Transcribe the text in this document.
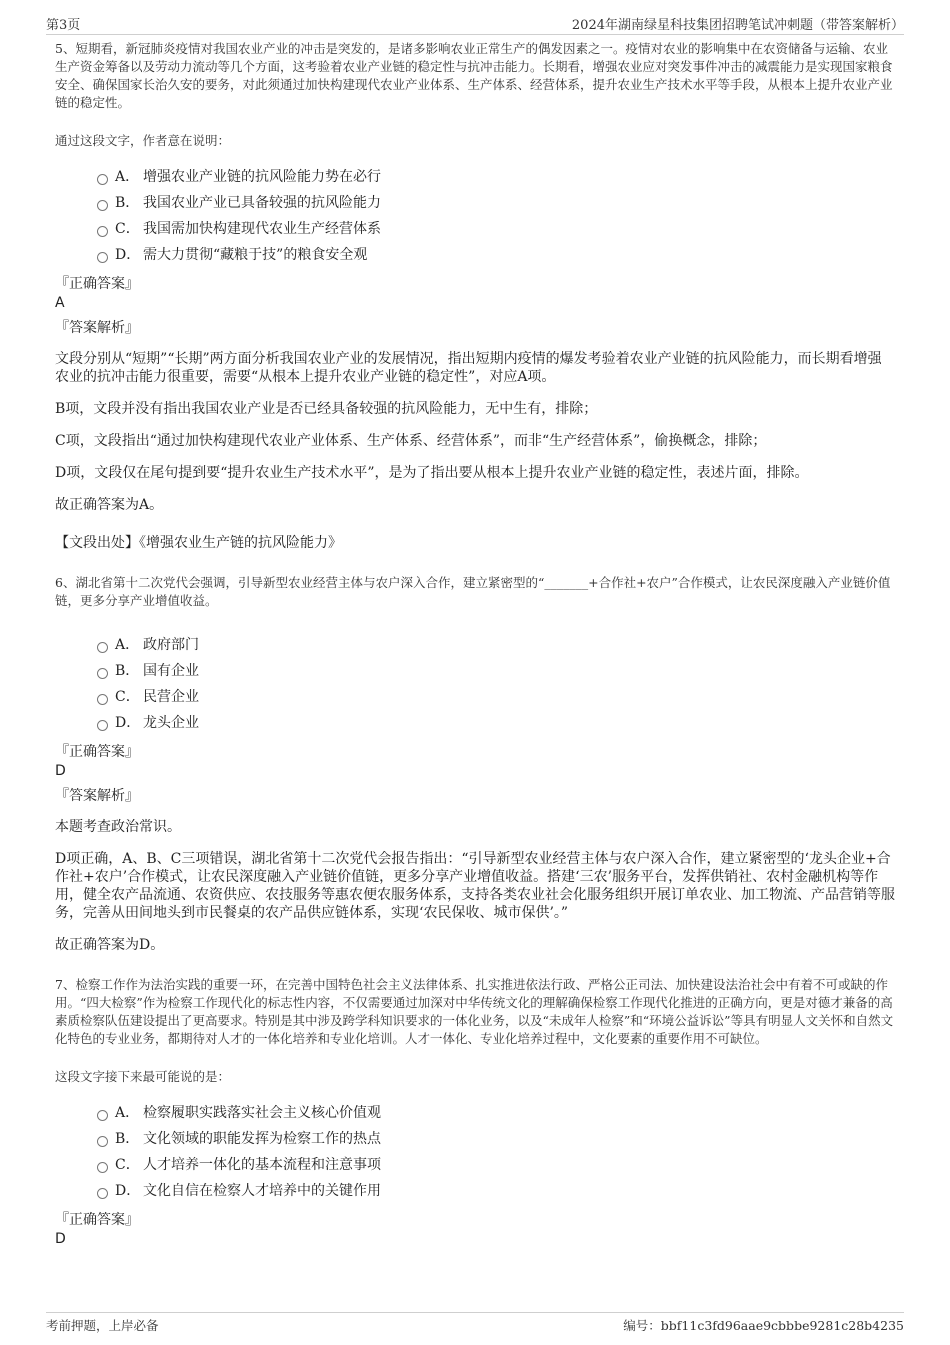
第3页	2024年湖南绿星科技集团招聘笔试冲刺题（带答案解析）

5、短期看，新冠肺炎疫情对我国农业产业的冲击是突发的，是诸多影响农业正常生产的偶发因素之一。疫情对农业的影响集中在农资储备与运输、农业生产资金筹备以及劳动力流动等几个方面，这考验着农业产业链的稳定性与抗冲击能力。长期看，增强农业应对突发事件冲击的减震能力是实现国家粮食安全、确保国家长治久安的要务，对此须通过加快构建现代农业产业体系、生产体系、经营体系，提升农业生产技术水平等手段，从根本上提升农业产业链的稳定性。

通过这段文字，作者意在说明：

A． 增强农业产业链的抗风险能力势在必行
B． 我国农业产业已具备较强的抗风险能力
C． 我国需加快构建现代农业生产经营体系
D． 需大力贯彻“藏粮于技”的粮食安全观

『正确答案』

A

『答案解析』

文段分别从“短期”“长期”两方面分析我国农业产业的发展情况，指出短期内疫情的爆发考验着农业产业链的抗风险能力，而长期看增强农业的抗冲击能力很重要，需要“从根本上提升农业产业链的稳定性”，对应A项。

B项，文段并没有指出我国农业产业是否已经具备较强的抗风险能力，无中生有，排除；

C项，文段指出“通过加快构建现代农业产业体系、生产体系、经营体系”，而非“生产经营体系”，偷换概念，排除；

D项，文段仅在尾句提到要“提升农业生产技术水平”，是为了指出要从根本上提升农业产业链的稳定性，表述片面，排除。

故正确答案为A。

【文段出处】《增强农业生产链的抗风险能力》

6、湖北省第十二次党代会强调，引导新型农业经营主体与农户深入合作，建立紧密型的“_______+合作社+农户”合作模式，让农民深度融入产业链价值链，更多分享产业增值收益。

A． 政府部门
B． 国有企业
C． 民营企业
D． 龙头企业

『正确答案』

D

『答案解析』

本题考查政治常识。

D项正确，A、B、C三项错误，湖北省第十二次党代会报告指出：“引导新型农业经营主体与农户深入合作，建立紧密型的‘龙头企业+合作社+农户’合作模式，让农民深度融入产业链价值链，更多分享产业增值收益。搭建‘三农’服务平台，发挥供销社、农村金融机构等作用，健全农产品流通、农资供应、农技服务等惠农便农服务体系，支持各类农业社会化服务组织开展订单农业、加工物流、产品营销等服务，完善从田间地头到市民餐桌的农产品供应链体系，实现‘农民保收、城市保供’。”

故正确答案为D。

7、检察工作作为法治实践的重要一环，在完善中国特色社会主义法律体系、扎实推进依法行政、严格公正司法、加快建设法治社会中有着不可或缺的作用。“四大检察”作为检察工作现代化的标志性内容，不仅需要通过加深对中华传统文化的理解确保检察工作现代化推进的正确方向，更是对德才兼备的高素质检察队伍建设提出了更高要求。特别是其中涉及跨学科知识要求的一体化业务，以及“未成年人检察”和“环境公益诉讼”等具有明显人文关怀和自然文化特色的专业业务，都期待对人才的一体化培养和专业化培训。人才一体化、专业化培养过程中，文化要素的重要作用不可缺位。

这段文字接下来最可能说的是：

A． 检察履职实践落实社会主义核心价值观
B． 文化领域的职能发挥为检察工作的热点
C． 人才培养一体化的基本流程和注意事项
D． 文化自信在检察人才培养中的关键作用

『正确答案』

D

考前押题，上岸必备	编号：bbf11c3fd96aae9cbbbe9281c28b4235
